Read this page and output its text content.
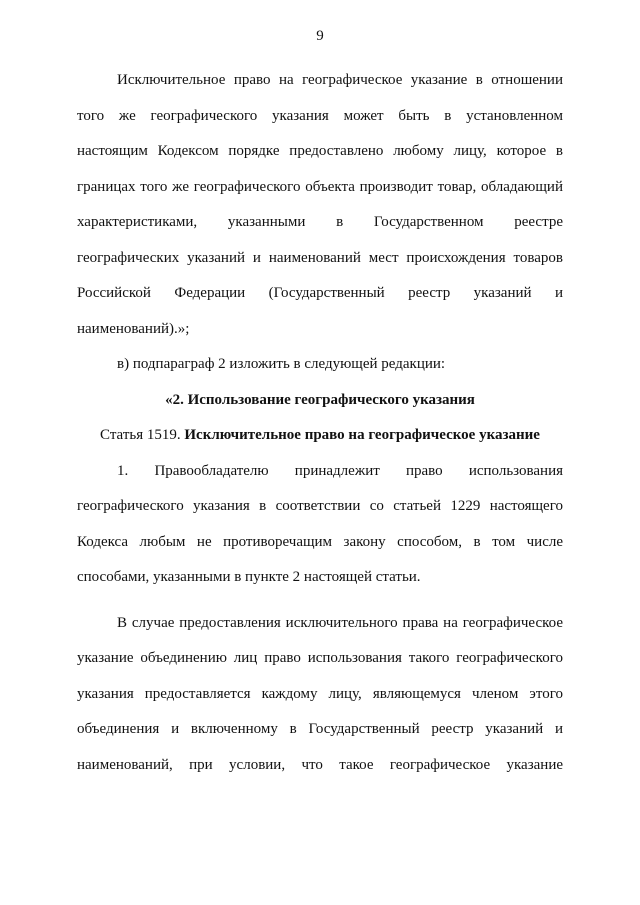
9

Исключительное право на географическое указание в отношении

того же географического указания может быть в установленном

настоящим Кодексом порядке предоставлено любому лицу, которое в

границах того же географического объекта производит товар, обладающий

характеристиками, указанными в Государственном реестре

географических указаний и наименований мест происхождения товаров

Российской Федерации (Государственный реестр указаний и

наименований).»;

в) подпараграф 2 изложить в следующей редакции:

«2. Использование географического указания

Статья 1519. Исключительное право на географическое указание

1. Правообладателю принадлежит право использования

географического указания в соответствии со статьей 1229 настоящего

Кодекса любым не противоречащим закону способом, в том числе

способами, указанными в пункте 2 настоящей статьи.

В случае предоставления исключительного права на географическое

указание объединению лиц право использования такого географического

указания предоставляется каждому лицу, являющемуся членом этого

объединения и включенному в Государственный реестр указаний и

наименований, при условии, что такое географическое указание
